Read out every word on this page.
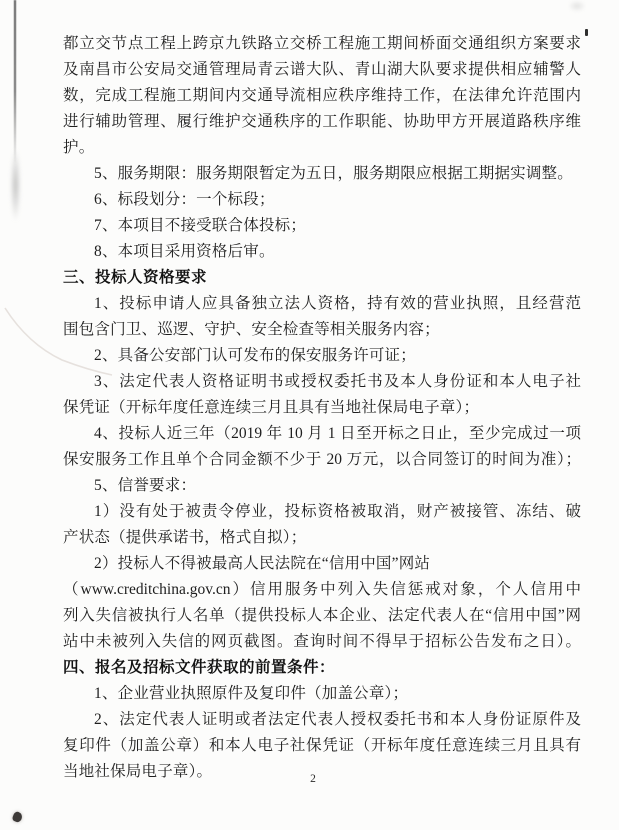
都立交节点工程上跨京九铁路立交桥工程施工期间桥面交通组织方案要求
及南昌市公安局交通管理局青云谱大队、青山湖大队要求提供相应辅警人
数，完成工程施工期间内交通导流相应秩序维持工作，在法律允许范围内
进行辅助管理、履行维护交通秩序的工作职能、协助甲方开展道路秩序维
护。
5、服务期限：服务期限暂定为五日，服务期限应根据工期据实调整。
6、标段划分：一个标段；
7、本项目不接受联合体投标；
8、本项目采用资格后审。
三、投标人资格要求
1、投标申请人应具备独立法人资格，持有效的营业执照，且经营范
围包含门卫、巡逻、守护、安全检查等相关服务内容；
2、具备公安部门认可发布的保安服务许可证；
3、法定代表人资格证明书或授权委托书及本人身份证和本人电子社
保凭证（开标年度任意连续三月且具有当地社保局电子章）；
4、投标人近三年（2019 年 10 月 1 日至开标之日止，至少完成过一项
保安服务工作且单个合同金额不少于 20 万元，以合同签订的时间为准）；
5、信誉要求：
1）没有处于被责令停业，投标资格被取消，财产被接管、冻结、破
产状态（提供承诺书，格式自拟）；
2）投标人不得被最高人民法院在“信用中国”网站
（www.creditchina.gov.cn）信用服务中列入失信惩戒对象，个人信用中
列入失信被执行人名单（提供投标人本企业、法定代表人在“信用中国”网
站中未被列入失信的网页截图。查询时间不得早于招标公告发布之日）。
四、报名及招标文件获取的前置条件：
1、企业营业执照原件及复印件（加盖公章）；
2、法定代表人证明或者法定代表人授权委托书和本人身份证原件及
复印件（加盖公章）和本人电子社保凭证（开标年度任意连续三月且具有
当地社保局电子章）。	2
